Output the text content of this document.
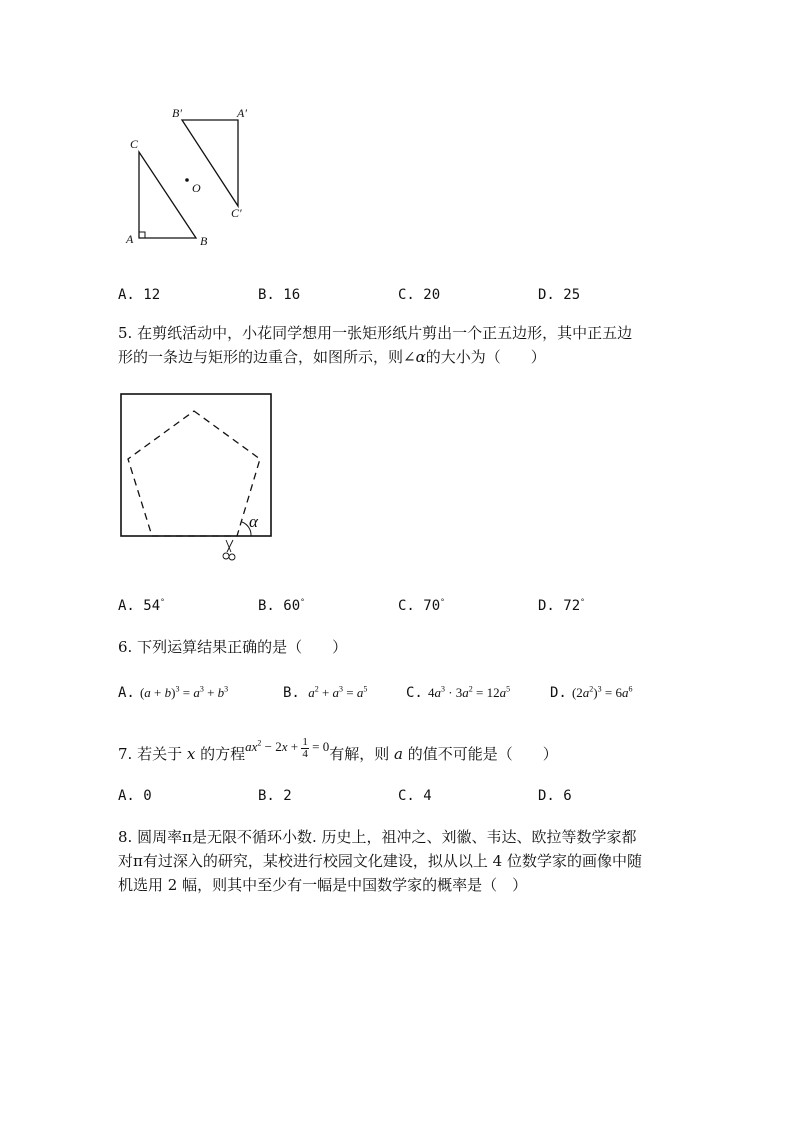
B′	A′
C
O
C′
A	B
A. 12	B. 16	C. 20	D. 25
5. 在剪纸活动中，小花同学想用一张矩形纸片剪出一个正五边形，其中正五边
形的一条边与矩形的边重合，如图所示，则∠α的大小为（　　）
α
A. 54°	B. 60°	C. 70°	D. 72°
6. 下列运算结果正确的是（　　）
A. $(a + b)^3 = a^3 + b^3$	B.  $a^2 + a^3 = a^5$	C. $4a^3 \cdot 3a^2 = 12a^5$	D. $(2a^2)^3 = 6a^6$
7. 若关于 x 的方程$ax^2 - 2x + \frac{1}{4} = 0$有解，则 a 的值不可能是（　　）
A. 0	B. 2	C. 4	D. 6
8. 圆周率π是无限不循环小数. 历史上，祖冲之、刘徽、韦达、欧拉等数学家都
对π有过深入的研究，某校进行校园文化建设，拟从以上 4 位数学家的画像中随
机选用 2 幅，则其中至少有一幅是中国数学家的概率是（　）
